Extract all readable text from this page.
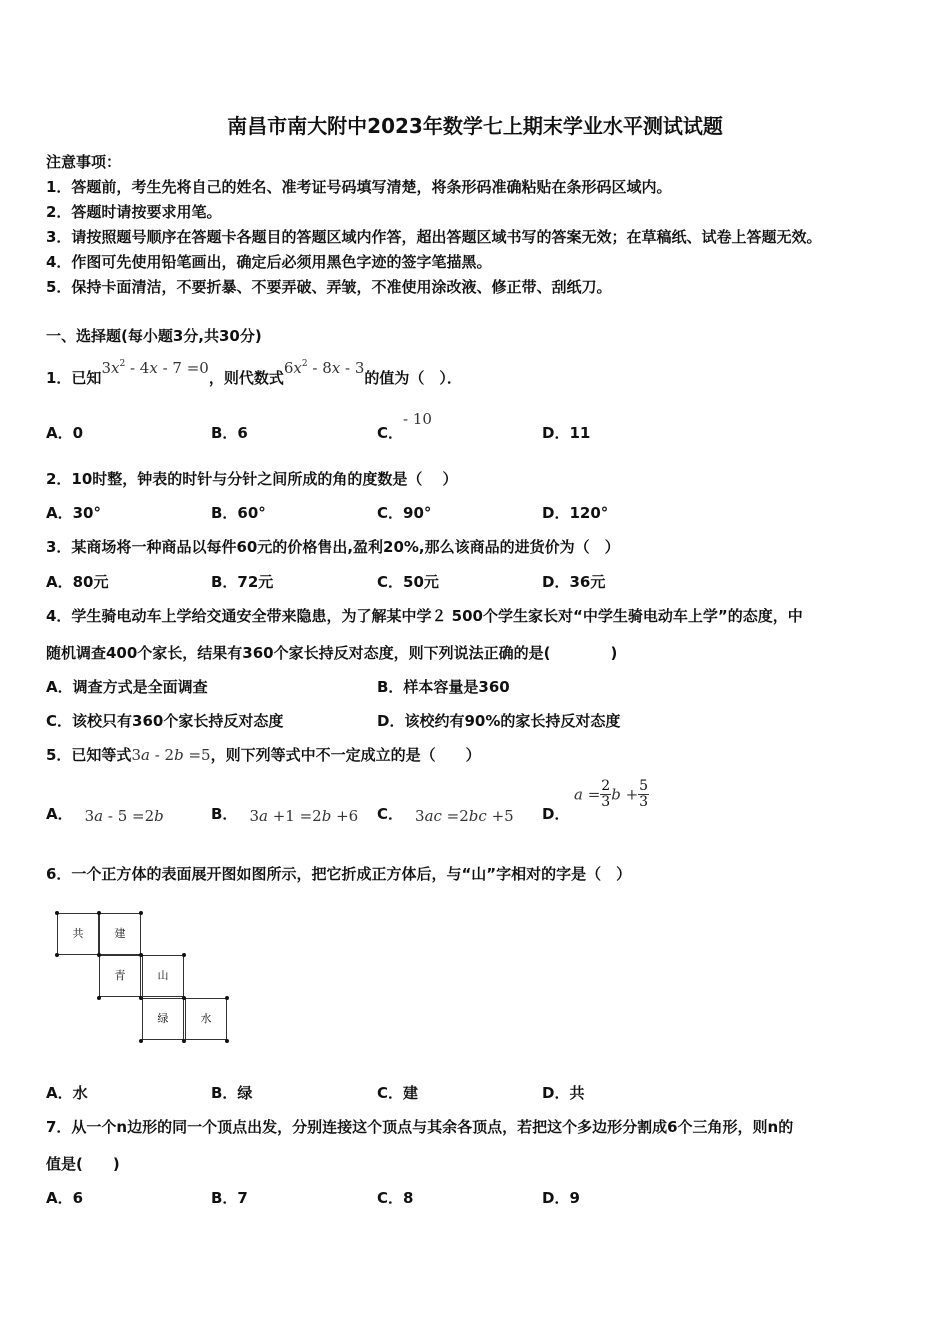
南昌市南大附中2023年数学七上期末学业水平测试试题
注意事项：
1．答题前，考生先将自己的姓名、准考证号码填写清楚，将条形码准确粘贴在条形码区域内。
2．答题时请按要求用笔。
3．请按照题号顺序在答题卡各题目的答题区域内作答，超出答题区域书写的答案无效；在草稿纸、试卷上答题无效。
4．作图可先使用铅笔画出，确定后必须用黑色字迹的签字笔描黑。
5．保持卡面清洁，不要折暴、不要弄破、弄皱，不准使用涂改液、修正带、刮纸刀。
一、选择题(每小题3分,共30分)
1．已知$3x^2 - 4x - 7 =0$，则代数式$6x^2 - 8x - 3$的值为（　）．
A．0	B．6	C．- 10
D．11
2．10时整，钟表的时针与分针之间所成的角的度数是（　 ）
A．30°	B．60°	C．90°	D．120°
3．某商场将一种商品以每件60元的价格售出,盈利20%,那么该商品的进货价为（　）
A．80元	B．72元	C．50元	D．36元
4．学生骑电动车上学给交通安全带来隐患，为了解某中学２ 500个学生家长对“中学生骑电动车上学”的态度，中
随机调查400个家长，结果有360个家长持反对态度，则下列说法正确的是(　　　　)
A．调查方式是全面调查	B．样本容量是360
C．该校只有360个家长持反对态度	D．该校约有90%的家长持反对态度
5．已知等式3a - 2b =5，则下列等式中不一定成立的是（　　）
A． 3a - 5 =2b	B． 3a +1 =2b +6 C． 3ac =2bc +5 D．
$a = \frac{2}{3}$ $b + \frac{5}{3}$
6．一个正方体的表面展开图如图所示，把它折成正方体后，与“山”字相对的字是（　）
共	建
青	山
绿	水
A．水	B．绿	C．建	D．共
7．从一个n边形的同一个顶点出发，分别连接这个顶点与其余各顶点，若把这个多边形分割成6个三角形，则n的
值是(　　)
A．6	B．7	C．8	D．9
